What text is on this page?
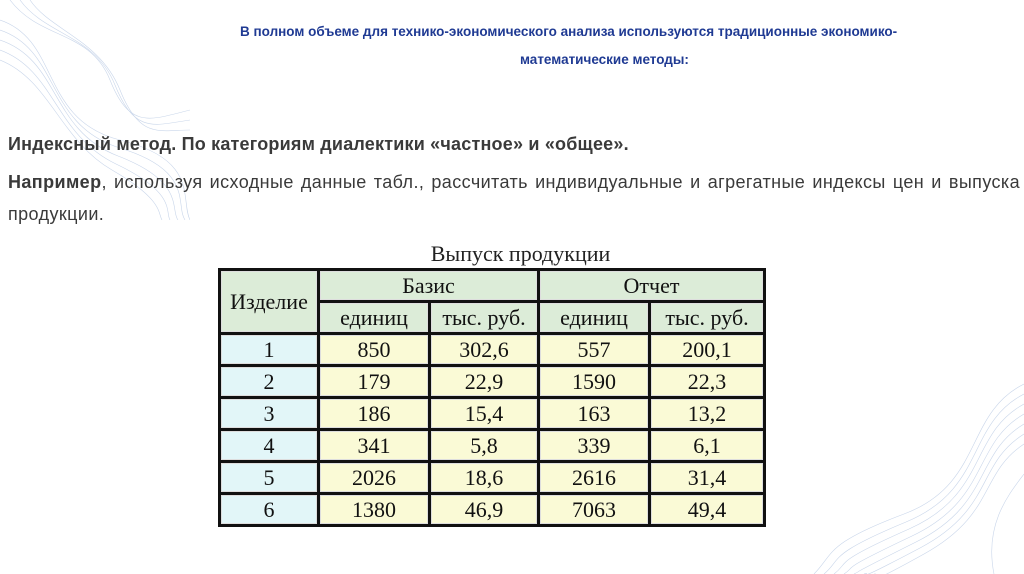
В полном объеме для технико-экономического анализа используются традиционные экономико-
математические методы:
Индексный метод. По категориям диалектики «частное» и «общее».
Например, используя исходные данные табл., рассчитать индивидуальные и агрегатные индексы цен и выпуска продукции.
Выпуск продукции
Изделие	Базис		Отчет	
	единиц	тыс. руб.	единиц	тыс. руб.
1	850	302,6	557	200,1
2	179	22,9	1590	22,3
3	186	15,4	163	13,2
4	341	5,8	339	6,1
5	2026	18,6	2616	31,4
6	1380	46,9	7063	49,4
